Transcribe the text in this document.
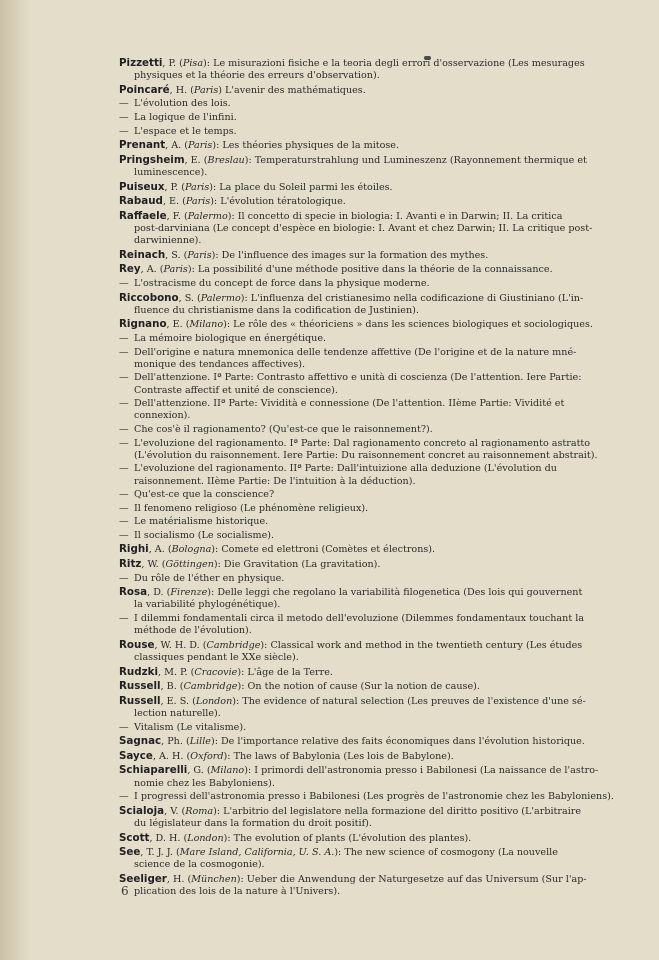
Pizzetti, P. (Pisa): Le misurazioni fisiche e la teoria degli errori d'osservazione (Les mesurages
physiques et la théorie des erreurs d'observation).
Poincaré, H. (Paris) L'avenir des mathématiques.
— L'évolution des lois.
— La logique de l'infini.
— L'espace et le temps.
Prenant, A. (Paris): Les théories physiques de la mitose.
Pringsheim, E. (Breslau): Temperaturstrahlung und Lumineszenz (Rayonnement thermique et
luminescence).
Puiseux, P. (Paris): La place du Soleil parmi les étoiles.
Rabaud, E. (Paris): L'évolution tératologique.
Raffaele, F. (Palermo): Il concetto di specie in biologia: I. Avanti e in Darwin; II. La critica
post-darviniana (Le concept d'espèce en biologie: I. Avant et chez Darwin; II. La critique post-darwinienne).
Reinach, S. (Paris): De l'influence des images sur la formation des mythes.
Rey, A. (Paris): La possibilité d'une méthode positive dans la théorie de la connaissance.
— L'ostracisme du concept de force dans la physique moderne.
Riccobono, S. (Palermo): L'influenza del cristianesimo nella codificazione di Giustiniano (L'in-
fluence du christianisme dans la codification de Justinien).
Rignano, E. (Milano): Le rôle des « théoriciens » dans les sciences biologiques et sociologiques.
— La mémoire biologique en énergétique.
— Dell'origine e natura mnemonica delle tendenze affettive (De l'origine et de la nature mné-
monique des tendances affectives).
— Dell'attenzione. Iª Parte: Contrasto affettivo e unità di coscienza (De l'attention. Iere Partie:
Contraste affectif et unité de conscience).
— Dell'attenzione. IIª Parte: Vividità e connessione (De l'attention. IIème Partie: Vividité et
connexion).
— Che cos'è il ragionamento? (Qu'est-ce que le raisonnement?).
— L'evoluzione del ragionamento. Iª Parte: Dal ragionamento concreto al ragionamento astratto
(L'évolution du raisonnement. Iere Partie: Du raisonnement concret au raisonnement abstrait).
— L'evoluzione del ragionamento. IIª Parte: Dall'intuizione alla deduzione (L'évolution du
raisonnement. IIème Partie: De l'intuition à la déduction).
— Qu'est-ce que la conscience?
— Il fenomeno religioso (Le phénomène religieux).
— Le matérialisme historique.
— Il socialismo (Le socialisme).
Righi, A. (Bologna): Comete ed elettroni (Comètes et électrons).
Ritz, W. (Göttingen): Die Gravitation (La gravitation).
— Du rôle de l'éther en physique.
Rosa, D. (Firenze): Delle leggi che regolano la variabilità filogenetica (Des lois qui gouvernent
la variabilité phylogénétique).
— I dilemmi fondamentali circa il metodo dell'evoluzione (Dilemmes fondamentaux touchant la
méthode de l'évolution).
Rouse, W. H. D. (Cambridge): Classical work and method in the twentieth century (Les études
classiques pendant le XXe siècle).
Rudzki, M. P. (Cracovie): L'âge de la Terre.
Russell, B. (Cambridge): On the notion of cause (Sur la notion de cause).
Russell, E. S. (London): The evidence of natural selection (Les preuves de l'existence d'une sé-
lection naturelle).
— Vitalism (Le vitalisme).
Sagnac, Ph. (Lille): De l'importance relative des faits économiques dans l'évolution historique.
Sayce, A. H. (Oxford): The laws of Babylonia (Les lois de Babylone).
Schiaparelli, G. (Milano): I primordi dell'astronomia presso i Babilonesi (La naissance de l'astro-
nomie chez les Babyloniens).
— I progressi dell'astronomia presso i Babilonesi (Les progrès de l'astronomie chez les Babyloniens).
Scialoja, V. (Roma): L'arbitrio del legislatore nella formazione del diritto positivo (L'arbitraire
du législateur dans la formation du droit positif).
Scott, D. H. (London): The evolution of plants (L'évolution des plantes).
See, T. J. J. (Mare Island, California, U. S. A.): The new science of cosmogony (La nouvelle
science de la cosmogonie).
Seeliger, H. (München): Ueber die Anwendung der Naturgesetze auf das Universum (Sur l'ap-
plication des lois de la nature à l'Univers).
6
